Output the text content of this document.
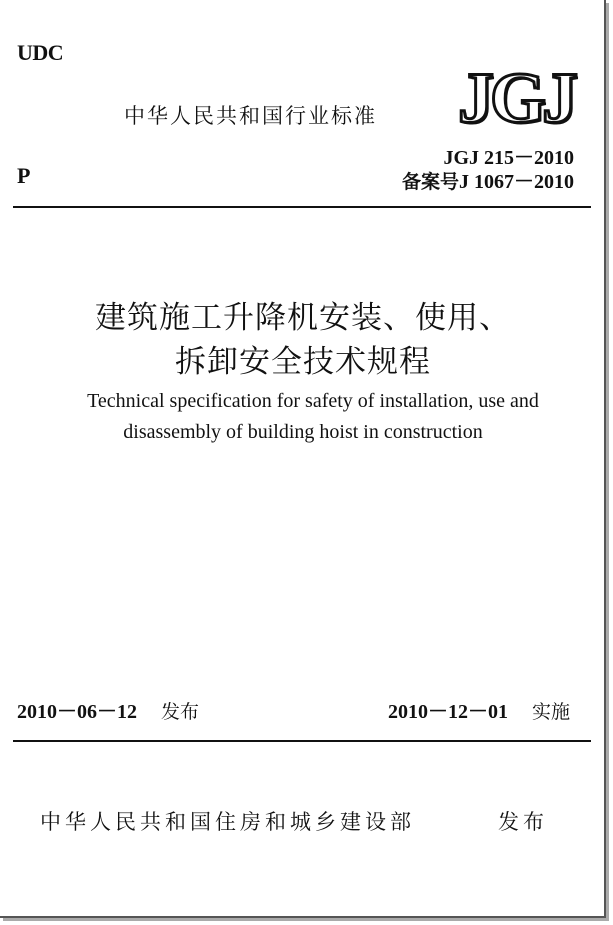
UDC
中华人民共和国行业标准 JGJ
JGJ 215－2010
备案号J 1067－2010
P
建筑施工升降机安装、使用、
拆卸安全技术规程
Technical specification for safety of installation, use and
disassembly of building hoist in construction
2010－06－12 发布	2010－12－01 实施
中华人民共和国住房和城乡建设部	发布
